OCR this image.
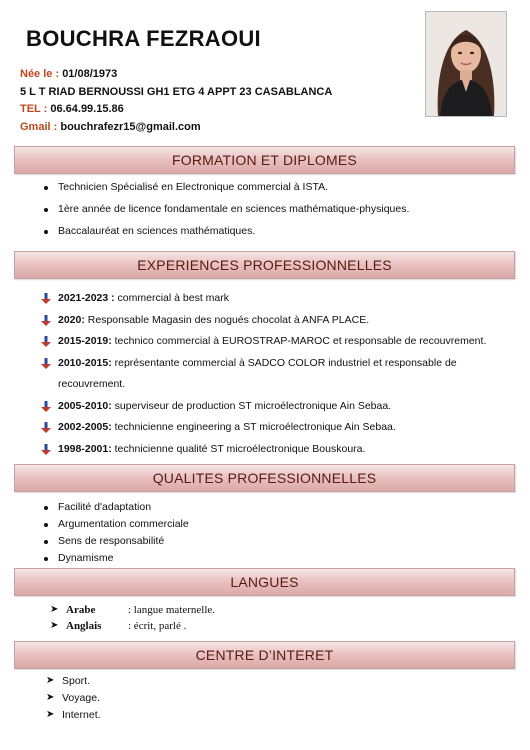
BOUCHRA FEZRAOUI
Née le : 01/08/1973
5 L T RIAD BERNOUSSI GH1 ETG 4 APPT 23 CASABLANCA
TEL : 06.64.99.15.86
Gmail : bouchrafezr15@gmail.com
FORMATION ET DIPLOMES
Technicien Spécialisé en Electronique commercial à ISTA.
1ère année de licence fondamentale en sciences mathématique-physiques.
Baccalauréat en sciences mathématiques.
EXPERIENCES PROFESSIONNELLES
2021-2023 : commercial à best mark
2020: Responsable Magasin des nogués chocolat à ANFA PLACE.
2015-2019: technico commercial à EUROSTRAP-MAROC et responsable de recouvrement.
2010-2015: représentante commercial à SADCO COLOR industriel et responsable de recouvrement.
2005-2010: superviseur de production ST microélectronique Ain Sebaa.
2002-2005: technicienne engineering a ST microélectronique Ain Sebaa.
1998-2001: technicienne qualité ST microélectronique Bouskoura.
QUALITES PROFESSIONNELLES
Facilité d'adaptation
Argumentation commerciale
Sens de responsabilité
Dynamisme
LANGUES
➤ Arabe	: langue maternelle.
➤ Anglais : écrit, parlé .
CENTRE D’INTERET
➤ Sport.
➤ Voyage.
➤ Internet.
